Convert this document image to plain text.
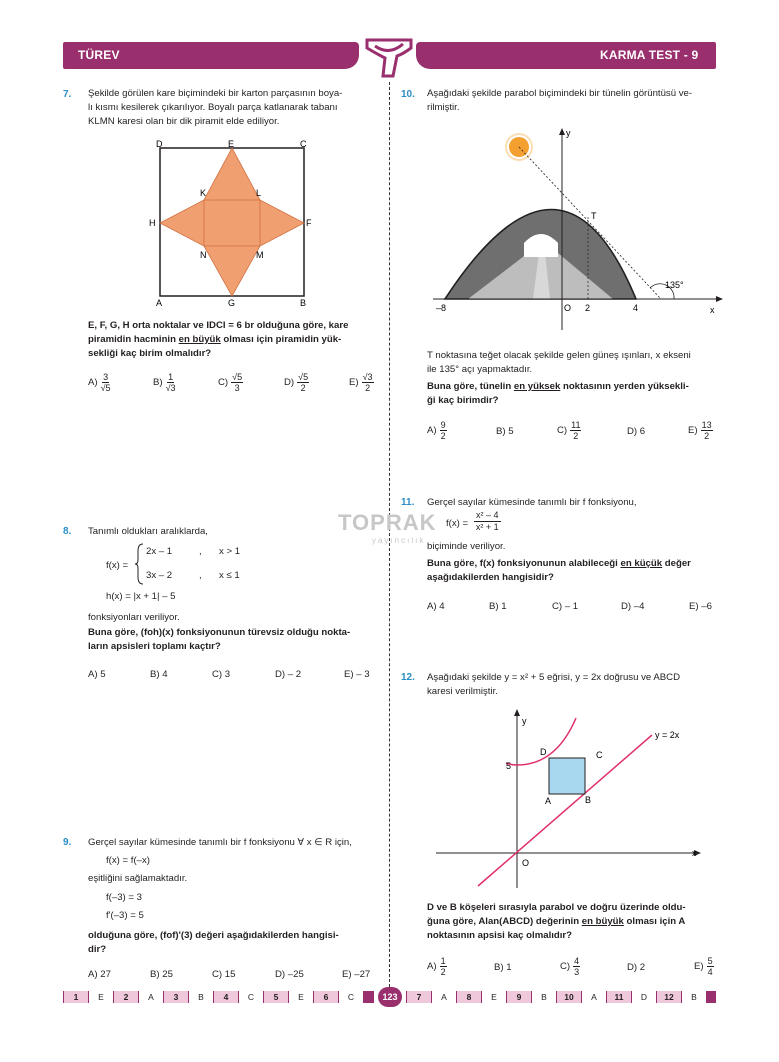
TÜREV	KARMA TEST - 9
TOPRAK
yayıncılık
7. Şekilde görülen kare biçimindeki bir karton parçasının boya-
lı kısmı kesilerek çıkarılıyor. Boyalı parça katlanarak tabanı
KLMN karesi olan bir dik piramit elde ediliyor.
D	E	C
K	L
H	F
N	M
A	G	B
E, F, G, H orta noktalar ve IDCI = 6 br olduğuna göre, kare
piramidin hacminin en büyük olması için piramidin yük-
sekliği kaç birim olmalıdır?
$A) \frac{3}{√5}$	$B) \frac{1}{√3}$	$C) \frac{√5}{3}$	$D) \frac{√5}{2}$	$E) \frac{√3}{2}$
8. Tanımlı oldukları aralıklarda,
f(x) =
2x – 1	, x > 1
3x – 2	, x ≤ 1
h(x) = |x + 1| – 5
fonksiyonları veriliyor.
Buna göre, (foh)(x) fonksiyonunun türevsiz olduğu nokta-
ların apsisleri toplamı kaçtır?
A) 5	B) 4	C) 3	D) – 2	E) – 3
9. Gerçel sayılar kümesinde tanımlı bir f fonksiyonu ∀ x ∈ R için,
f(x) = f(–x)
eşitliğini sağlamaktadır.
f(–3) = 3
f'(–3) = 5
olduğuna göre, (fof)'(3) değeri aşağıdakilerden hangisi-
dir?
A) 27	B) 25	C) 15	D) –25	E) –27
10. Aşağıdaki şekilde parabol biçimindeki bir tünelin görüntüsü ve-
rilmiştir.
y
x
O
–8	2	4
T
135°
T noktasına teğet olacak şekilde gelen güneş ışınları, x ekseni
ile 135° açı yapmaktadır.
Buna göre, tünelin en yüksek noktasının yerden yüksekli-
ği kaç birimdir?
$A) \frac{9}{2}$	B) 5	$C) \frac{11}{2}$	D) 6	$E) \frac{13}{2}$
11. Gerçel sayılar kümesinde tanımlı bir f fonksiyonu,
$f(x) = \frac{\text{x² – 4}}{\text{x² + 1}}$
biçiminde veriliyor.
Buna göre, f(x) fonksiyonunun alabileceği en küçük değer
aşağıdakilerden hangisidir?
A) 4	B) 1	C) – 1	D) –4	E) –6
12. Aşağıdaki şekilde y = x² + 5 eğrisi, y = 2x doğrusu ve ABCD
karesi verilmiştir.
y
x
O
5
y = 2x
D	C
A	B
D ve B köşeleri sırasıyla parabol ve doğru üzerinde oldu-
ğuna göre, Alan(ABCD) değerinin en büyük olması için A
noktasının apsisi kaç olmalıdır?
$A) \frac{1}{2}$	B) 1	$C) \frac{4}{3}$	D) 2	$E) \frac{5}{4}$
1	E	2	A	3	B	4	C	5	E	6	C	7	A	8	E	9	B	10	A	11	D	12	B
123
